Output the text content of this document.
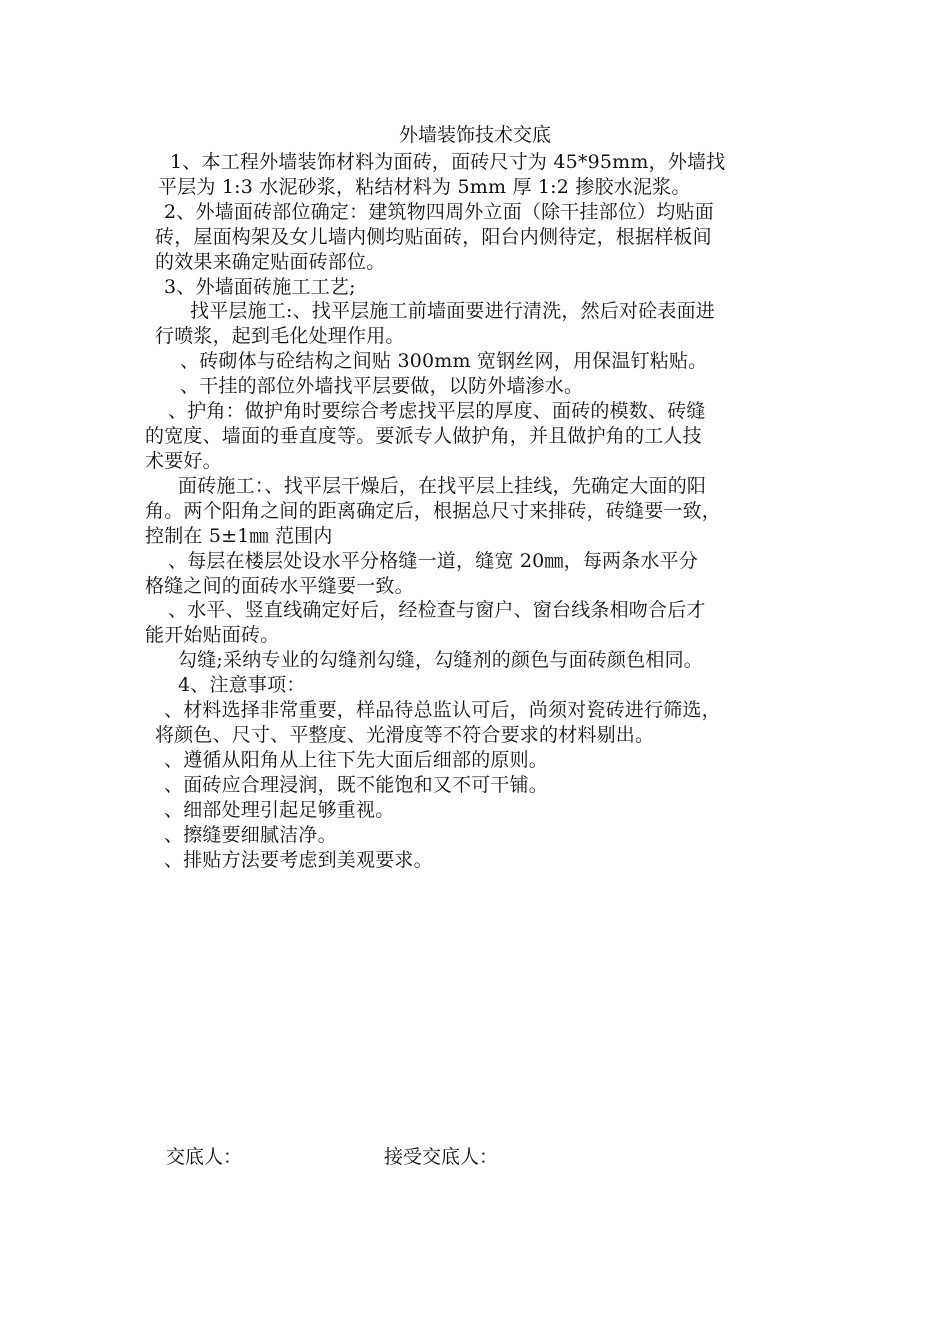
外墙装饰技术交底
1、本工程外墙装饰材料为面砖，面砖尺寸为 45*95mm，外墙找
平层为 1:3 水泥砂浆，粘结材料为 5mm 厚 1:2 掺胶水泥浆。
2、外墙面砖部位确定：建筑物四周外立面（除干挂部位）均贴面
砖，屋面构架及女儿墙内侧均贴面砖，阳台内侧待定，根据样板间
的效果来确定贴面砖部位。
3、外墙面砖施工工艺;
找平层施工:、找平层施工前墙面要进行清洗，然后对砼表面进
行喷浆，起到毛化处理作用。
、砖砌体与砼结构之间贴 300mm 宽钢丝网，用保温钉粘贴。
、干挂的部位外墙找平层要做，以防外墙渗水。
、护角：做护角时要综合考虑找平层的厚度、面砖的模数、砖缝
的宽度、墙面的垂直度等。要派专人做护角，并且做护角的工人技
术要好。
面砖施工：、找平层干燥后，在找平层上挂线，先确定大面的阳
角。两个阳角之间的距离确定后，根据总尺寸来排砖，砖缝要一致，
控制在 5±1㎜ 范围内
、每层在楼层处设水平分格缝一道，缝宽 20㎜，每两条水平分
格缝之间的面砖水平缝要一致。
、水平、竖直线确定好后，经检查与窗户、窗台线条相吻合后才
能开始贴面砖。
勾缝;采纳专业的勾缝剂勾缝，勾缝剂的颜色与面砖颜色相同。
4、注意事项：
、材料选择非常重要，样品待总监认可后，尚须对瓷砖进行筛选，
将颜色、尺寸、平整度、光滑度等不符合要求的材料剔出。
、遵循从阳角从上往下先大面后细部的原则。
、面砖应合理浸润，既不能饱和又不可干铺。
、细部处理引起足够重视。
、擦缝要细腻洁净。
、排贴方法要考虑到美观要求。
交底人：	接受交底人：
